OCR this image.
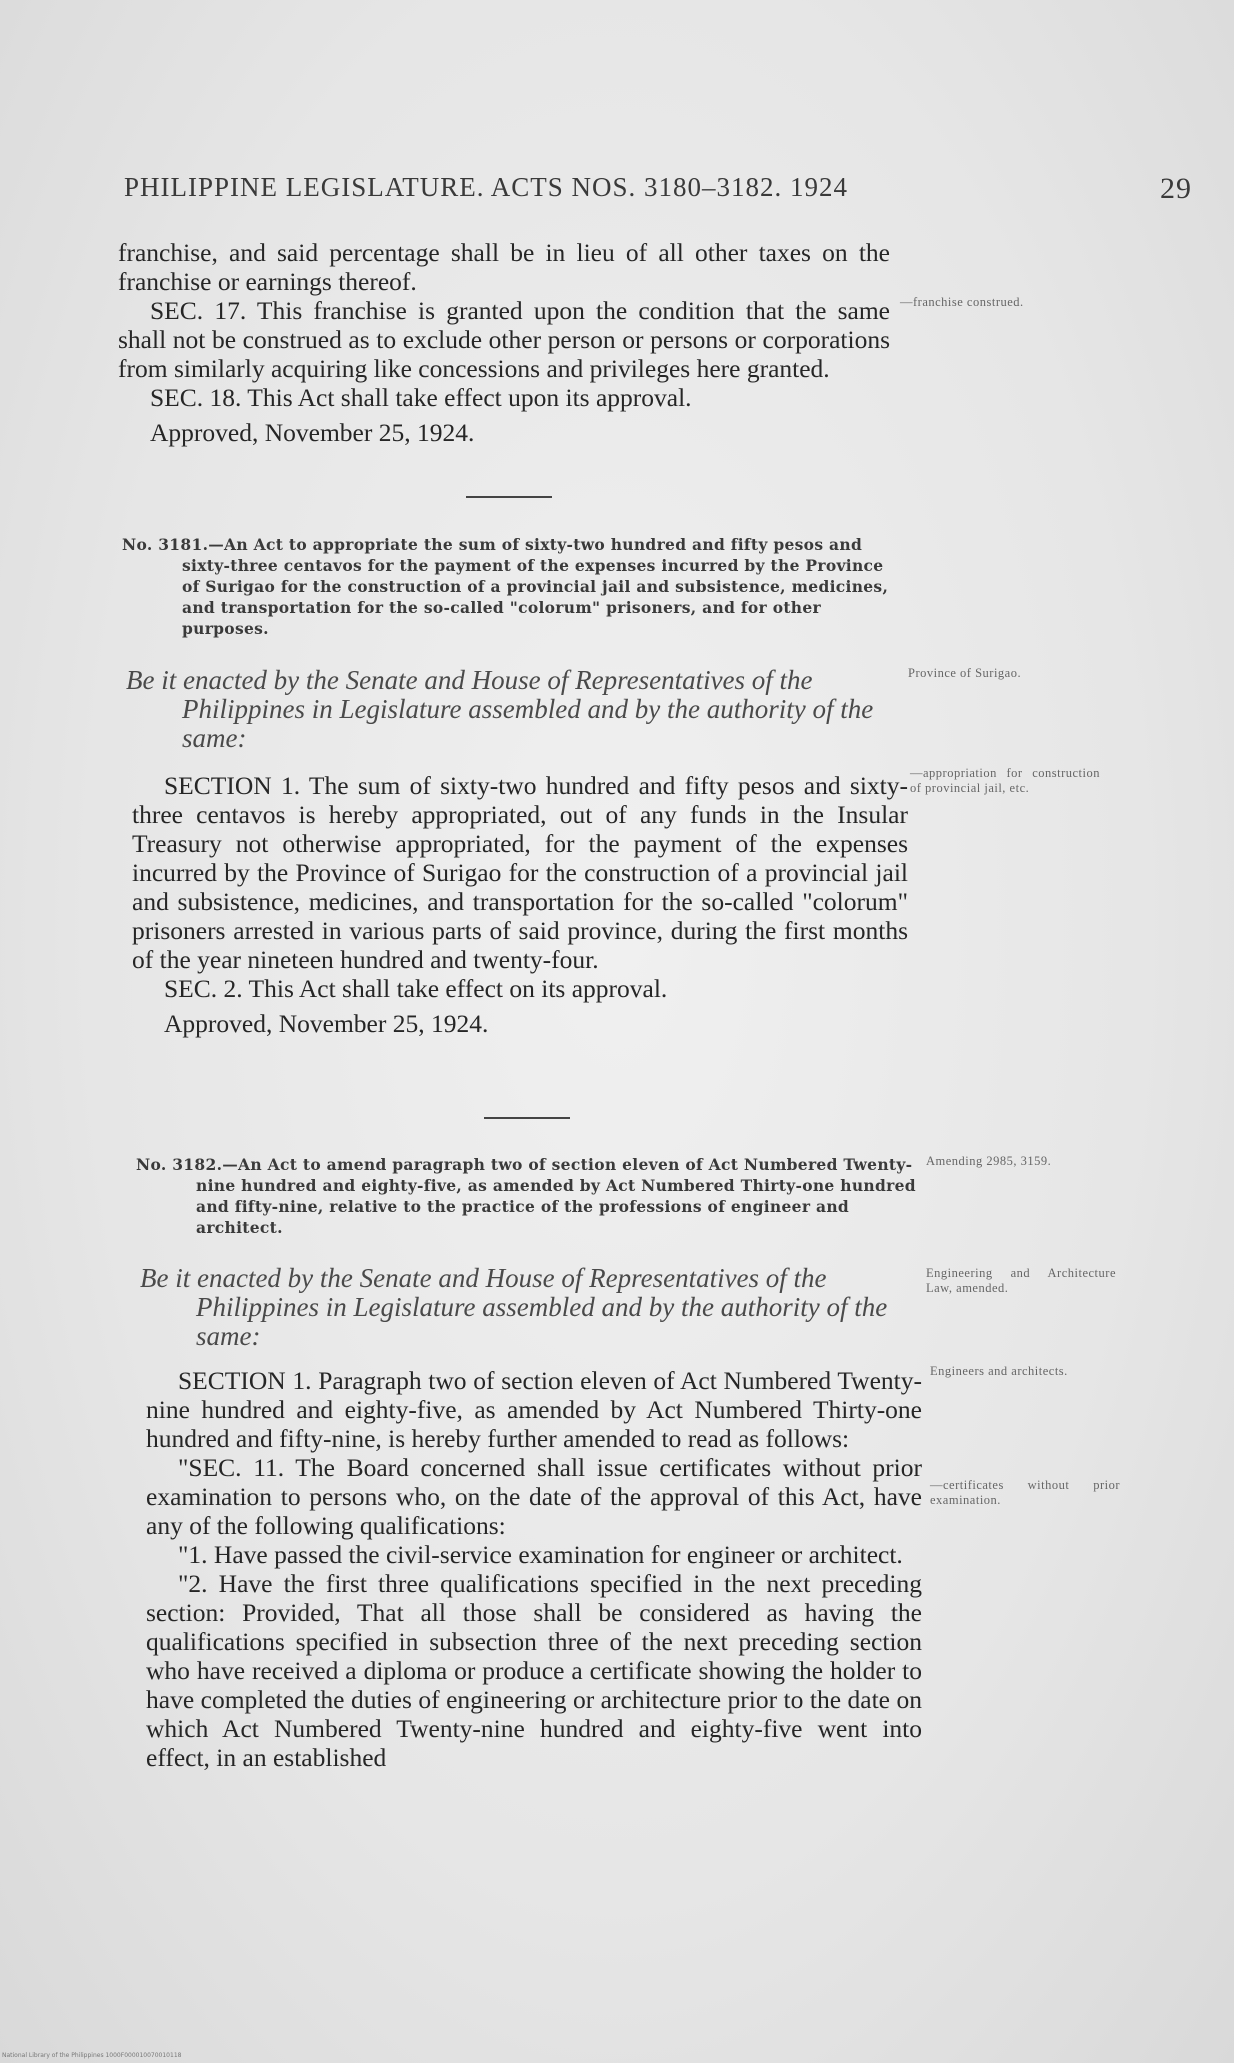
PHILIPPINE LEGISLATURE. ACTS NOS. 3180–3182. 1924	29

franchise, and said percentage shall be in lieu of all other taxes on the franchise or earnings thereof.

SEC. 17. This franchise is granted upon the condition that the same shall not be construed as to exclude other person or persons or corporations from similarly acquiring like concessions and privileges here granted.

SEC. 18. This Act shall take effect upon its approval.

Approved, November 25, 1924.

—franchise construed.
No. 3181.—An Act to appropriate the sum of sixty-two hundred and fifty pesos and sixty-three centavos for the payment of the expenses incurred by the Province of Surigao for the construction of a provincial jail and subsistence, medicines, and transportation for the so-called "colorum" prisoners, and for other purposes.
Be it enacted by the Senate and House of Representatives of the Philippines in Legislature assembled and by the authority of the same:
Province of Surigao.

SECTION 1. The sum of sixty-two hundred and fifty pesos and sixty-three centavos is hereby appropriated, out of any funds in the Insular Treasury not otherwise appropriated, for the payment of the expenses incurred by the Province of Surigao for the construction of a provincial jail and subsistence, medicines, and transportation for the so-called "colorum" prisoners arrested in various parts of said province, during the first months of the year nineteen hundred and twenty-four.

SEC. 2. This Act shall take effect on its approval.

Approved, November 25, 1924.

—appropriation for construction of provincial jail, etc.
No. 3182.—An Act to amend paragraph two of section eleven of Act Numbered Twenty-nine hundred and eighty-five, as amended by Act Numbered Thirty-one hundred and fifty-nine, relative to the practice of the professions of engineer and architect.
Amending 2985, 3159.
Be it enacted by the Senate and House of Representatives of the Philippines in Legislature assembled and by the authority of the same:
Engineering and Architecture Law, amended.

SECTION 1. Paragraph two of section eleven of Act Numbered Twenty-nine hundred and eighty-five, as amended by Act Numbered Thirty-one hundred and fifty-nine, is hereby further amended to read as follows:

"SEC. 11. The Board concerned shall issue certificates without prior examination to persons who, on the date of the approval of this Act, have any of the following qualifications:

"1. Have passed the civil-service examination for engineer or architect.

"2. Have the first three qualifications specified in the next preceding section: Provided, That all those shall be considered as having the qualifications specified in subsection three of the next preceding section who have received a diploma or produce a certificate showing the holder to have completed the duties of engineering or architecture prior to the date on which Act Numbered Twenty-nine hundred and eighty-five went into effect, in an established

Engineers and architects.
—certificates without prior examination.
National Library of the Philippines 1000F000010070010118
